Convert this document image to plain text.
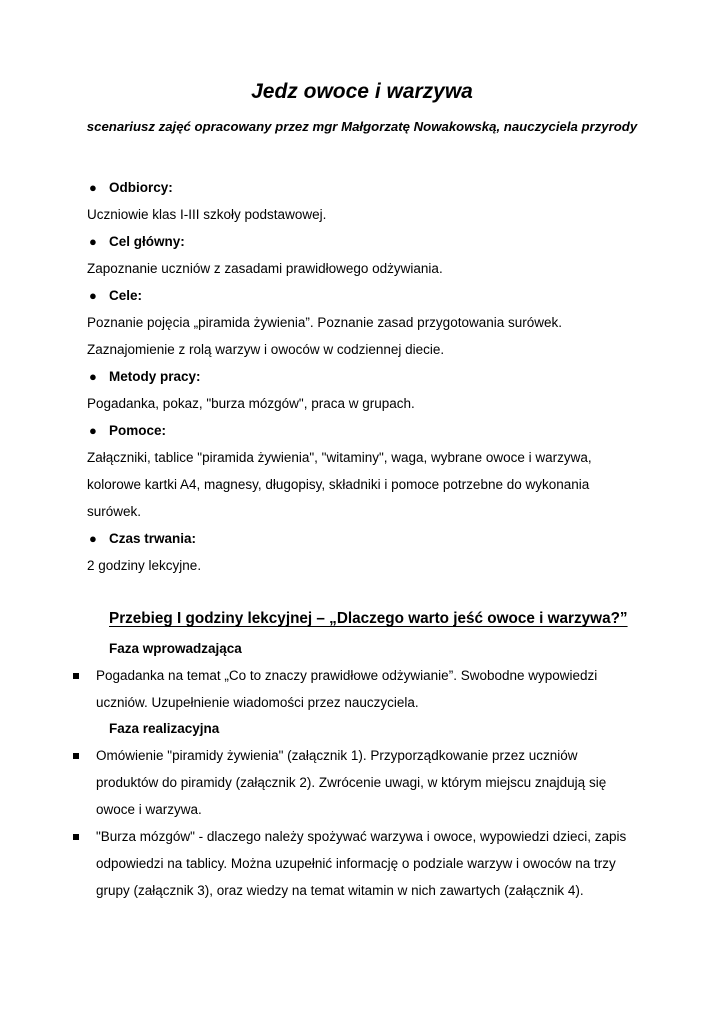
Jedz owoce i warzywa
scenariusz zajęć opracowany przez mgr Małgorzatę Nowakowską, nauczyciela przyrody
● Odbiorcy:
Uczniowie klas I-III szkoły podstawowej.
● Cel główny:
Zapoznanie uczniów z zasadami prawidłowego odżywiania.
● Cele:
Poznanie pojęcia „piramida żywienia”. Poznanie zasad przygotowania surówek.
Zaznajomienie z rolą warzyw i owoców w codziennej diecie.
● Metody pracy:
Pogadanka, pokaz, "burza mózgów", praca w grupach.
● Pomoce:
Załączniki, tablice "piramida żywienia", "witaminy", waga, wybrane owoce i warzywa,
kolorowe kartki A4, magnesy, długopisy, składniki i pomoce potrzebne do wykonania
surówek.
● Czas trwania:
2 godziny lekcyjne.
Przebieg I godziny lekcyjnej – „Dlaczego warto jeść owoce i warzywa?”
Faza wprowadzająca
Pogadanka na temat „Co to znaczy prawidłowe odżywianie”. Swobodne wypowiedzi
uczniów. Uzupełnienie wiadomości przez nauczyciela.
Faza realizacyjna
Omówienie "piramidy żywienia" (załącznik 1). Przyporządkowanie przez uczniów
produktów do piramidy (załącznik 2). Zwrócenie uwagi, w którym miejscu znajdują się
owoce i warzywa.
"Burza mózgów" - dlaczego należy spożywać warzywa i owoce, wypowiedzi dzieci, zapis
odpowiedzi na tablicy. Można uzupełnić informację o podziale warzyw i owoców na trzy
grupy (załącznik 3), oraz wiedzy na temat witamin w nich zawartych (załącznik 4).
